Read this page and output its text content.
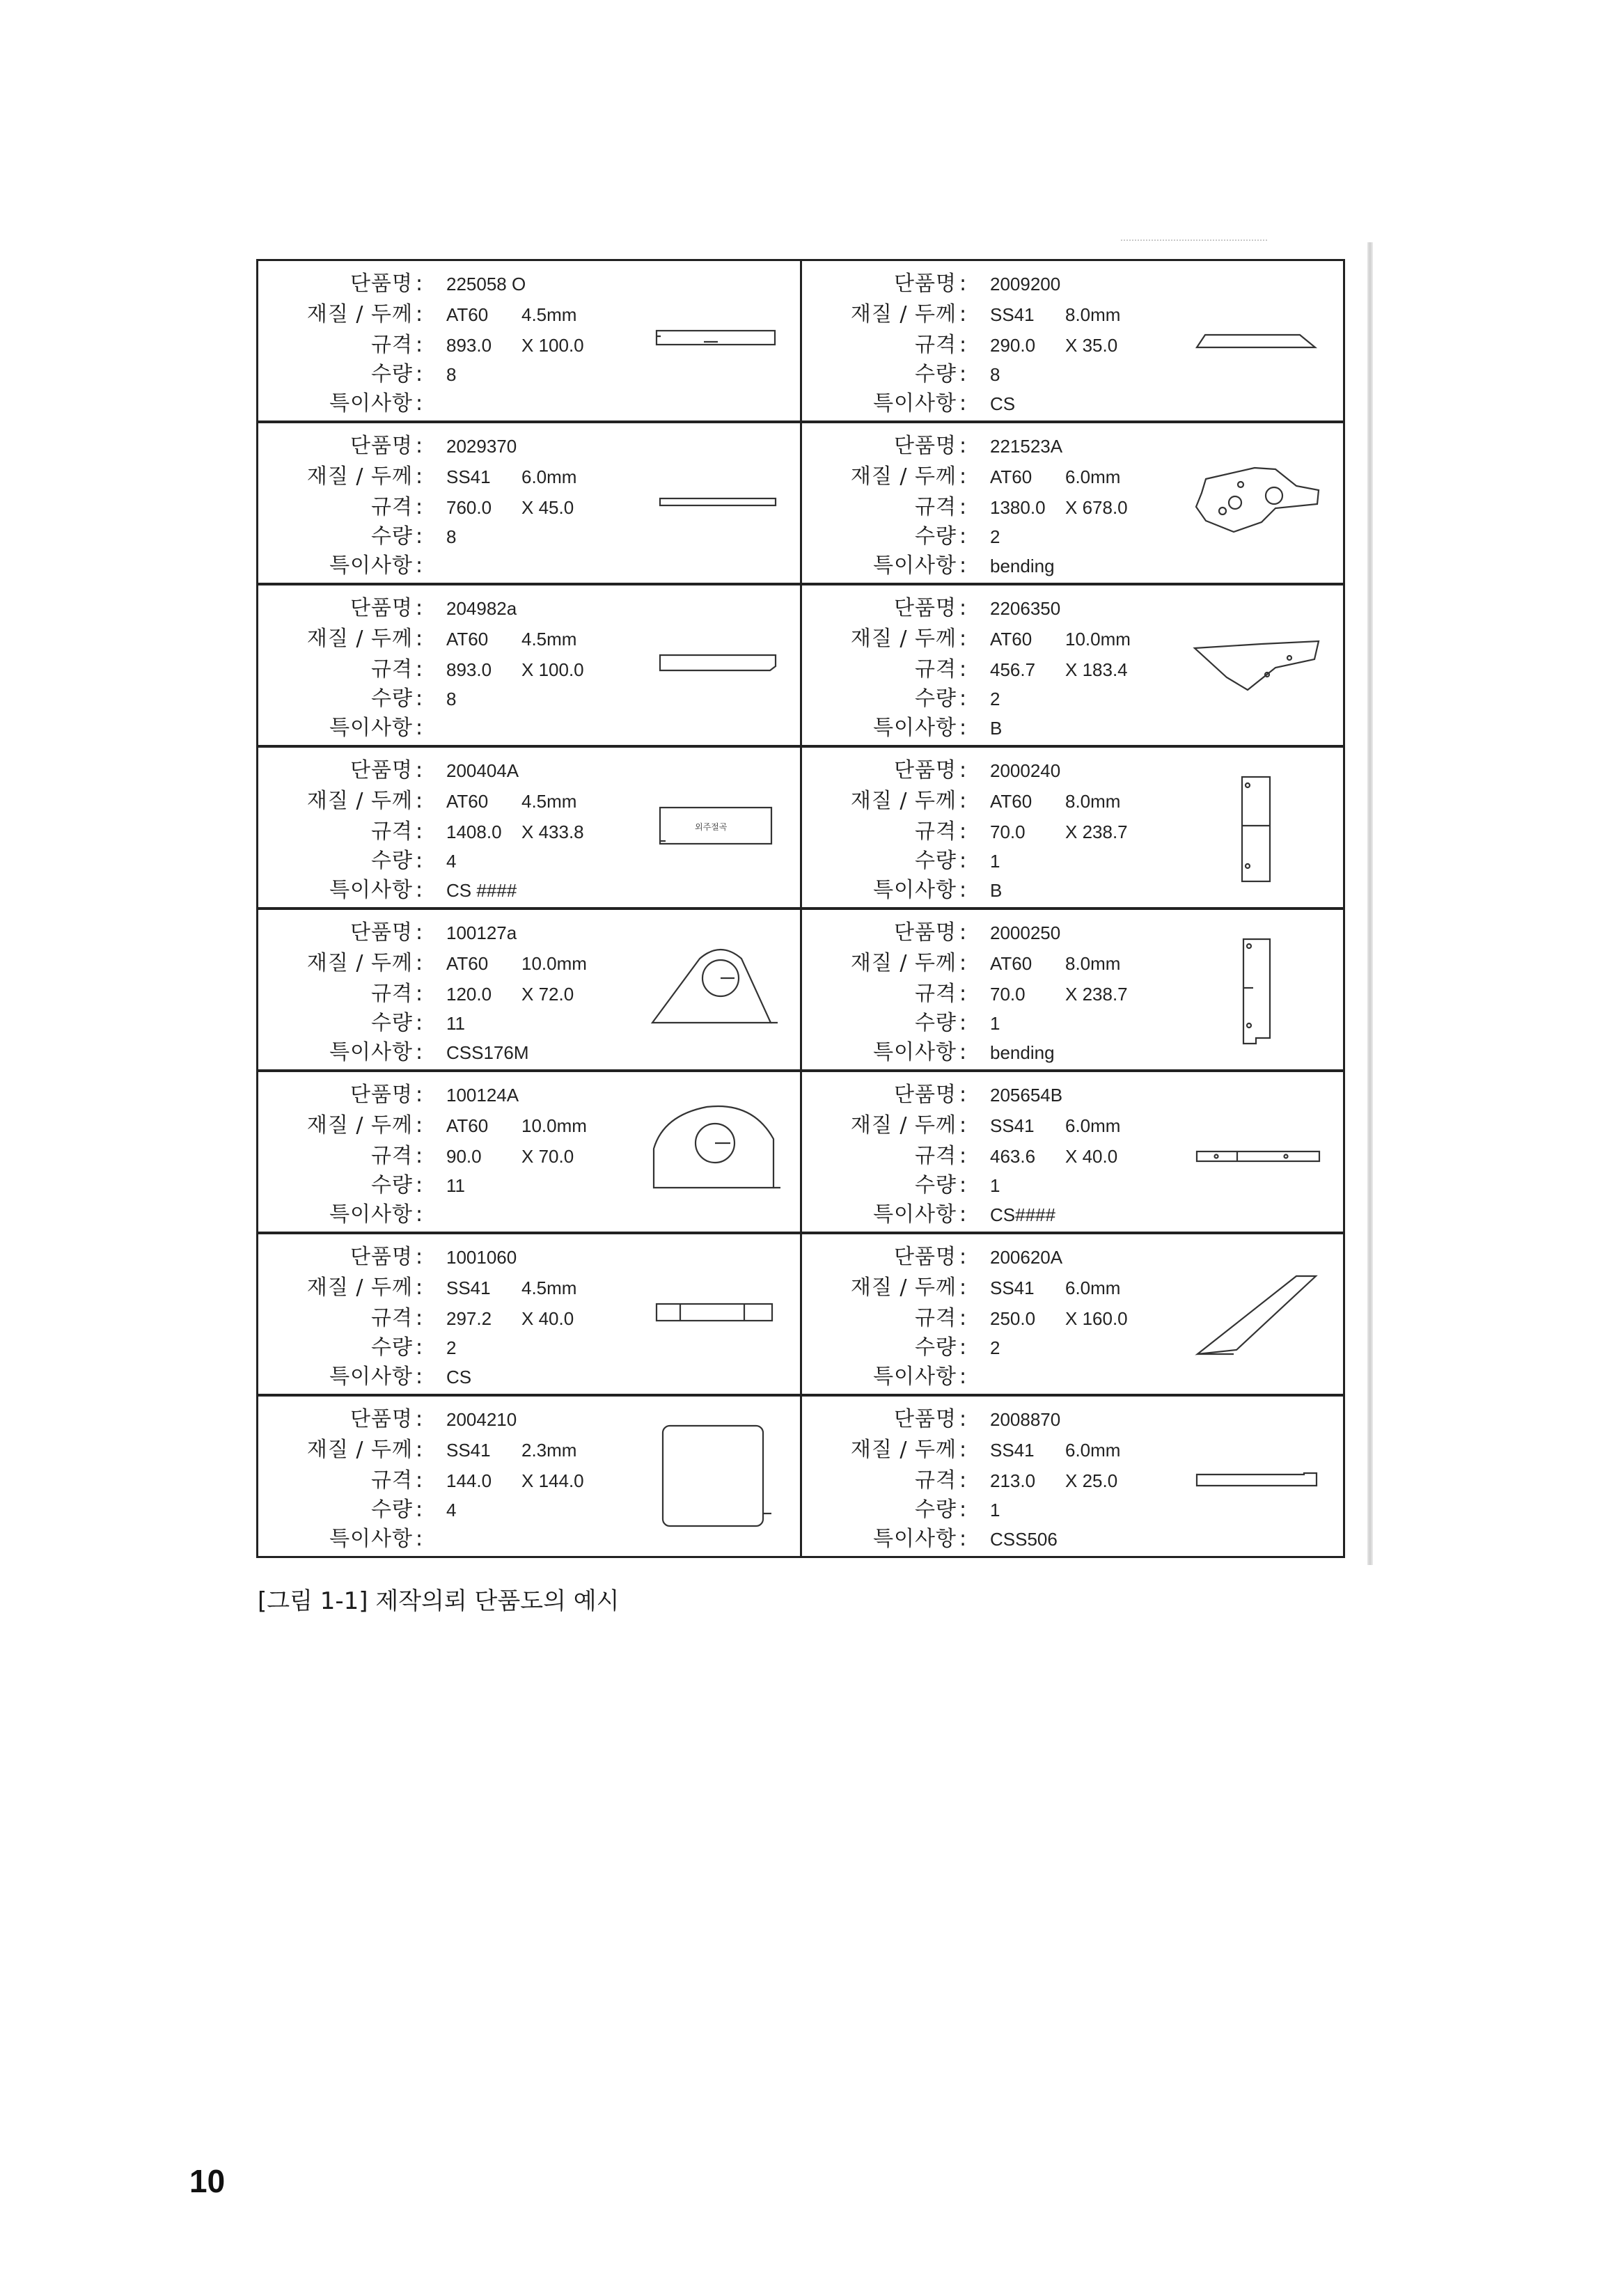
단품명 : 225058 O
재질 / 두께 : AT60 4.5mm
규격 : 893.0 X 100.0
수량 : 8
특이사항 :
단품명 : 2009200
재질 / 두께 : SS41 8.0mm
규격 : 290.0 X 35.0
수량 : 8
특이사항 : CS
단품명 : 2029370
재질 / 두께 : SS41 6.0mm
규격 : 760.0 X 45.0
수량 : 8
특이사항 :
단품명 : 221523A
재질 / 두께 : AT60 6.0mm
규격 : 1380.0 X 678.0
수량 : 2
특이사항 : bending
단품명 : 204982a
재질 / 두께 : AT60 4.5mm
규격 : 893.0 X 100.0
수량 : 8
특이사항 :
단품명 : 2206350
재질 / 두께 : AT60 10.0mm
규격 : 456.7 X 183.4
수량 : 2
특이사항 : B
단품명 : 200404A
재질 / 두께 : AT60 4.5mm
규격 : 1408.0 X 433.8
수량 : 4
특이사항 : CS ####
외주절곡
단품명 : 2000240
재질 / 두께 : AT60 8.0mm
규격 : 70.0 X 238.7
수량 : 1
특이사항 : B
단품명 : 100127a
재질 / 두께 : AT60 10.0mm
규격 : 120.0 X 72.0
수량 : 11
특이사항 : CSS176M
단품명 : 2000250
재질 / 두께 : AT60 8.0mm
규격 : 70.0 X 238.7
수량 : 1
특이사항 : bending
단품명 : 100124A
재질 / 두께 : AT60 10.0mm
규격 : 90.0 X 70.0
수량 : 11
특이사항 :
단품명 : 205654B
재질 / 두께 : SS41 6.0mm
규격 : 463.6 X 40.0
수량 : 1
특이사항 : CS####
단품명 : 1001060
재질 / 두께 : SS41 4.5mm
규격 : 297.2 X 40.0
수량 : 2
특이사항 : CS
단품명 : 200620A
재질 / 두께 : SS41 6.0mm
규격 : 250.0 X 160.0
수량 : 2
특이사항 :
단품명 : 2004210
재질 / 두께 : SS41 2.3mm
규격 : 144.0 X 144.0
수량 : 4
특이사항 :
단품명 : 2008870
재질 / 두께 : SS41 6.0mm
규격 : 213.0 X 25.0
수량 : 1
특이사항 : CSS506
[그림 1-1] 제작의뢰 단품도의 예시
10
